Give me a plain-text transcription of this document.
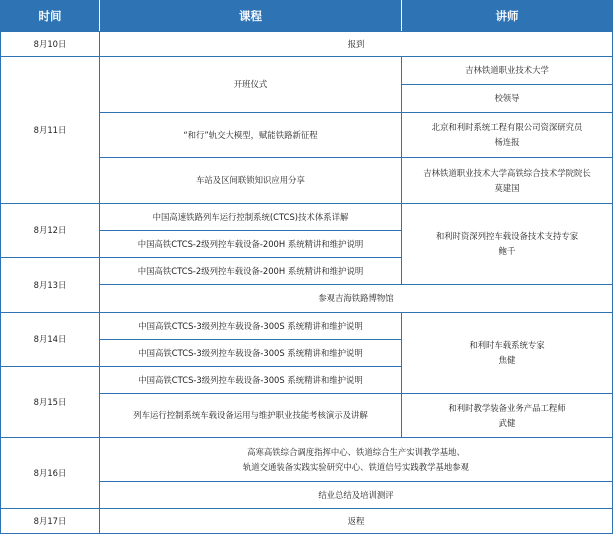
时间	课程	讲师
8月10日	报到	
8月11日	开班仪式	吉林铁道职业技术大学
		校领导
	“和行”轨交大模型，赋能铁路新征程	北京和利时系统工程有限公司资深研究员
杨连报

	车站及区间联锁知识应用分享	吉林铁道职业技术大学高铁综合技术学院院长
莫建国

8月12日	中国高速铁路列车运行控制系统(CTCS)技术体系详解	和利时资深列控车载设备技术支持专家
鲍千

	中国高铁CTCS-2级列控车载设备-200H 系统精讲和维护说明	
8月13日	中国高铁CTCS-2级列控车载设备-200H 系统精讲和维护说明	
	参观吉海铁路博物馆	
8月14日	中国高铁CTCS-3级列控车载设备-300S 系统精讲和维护说明	和利时车载系统专家
焦健

	中国高铁CTCS-3级列控车载设备-300S 系统精讲和维护说明	
8月15日	中国高铁CTCS-3级列控车载设备-300S 系统精讲和维护说明	
	列车运行控制系统车载设备运用与维护职业技能考核演示及讲解	和利时教学装备业务产品工程师
武健

8月16日	高寒高铁综合调度指挥中心、铁道综合生产实训教学基地、
轨道交通装备实践实验研究中心、铁道信号实践教学基地参观	

	结业总结及培训测评	
8月17日	返程	
